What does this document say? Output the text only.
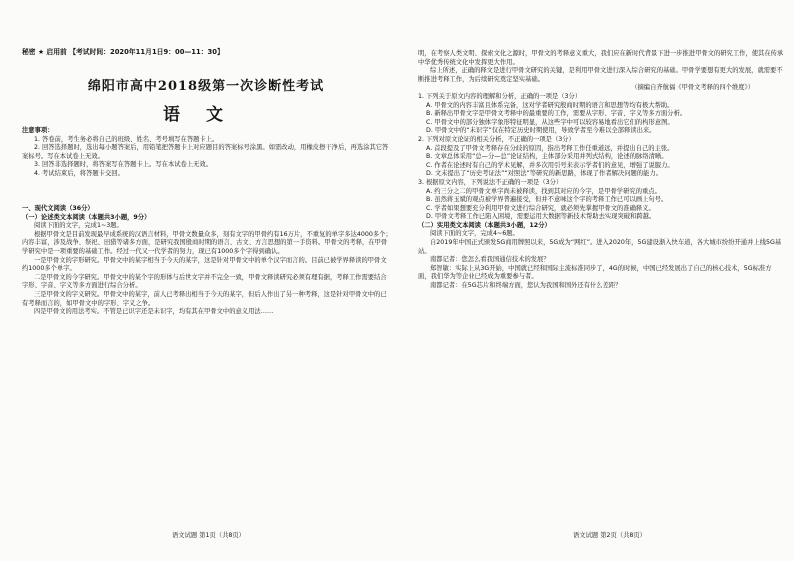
秘密 ★ 启用前 【考试时间：2020年11月1日9：00—11：30】
绵阳市高中2018级第一次诊断性考试
语文
注意事项：

1. 答卷前，考生务必将自己的班级、姓名、考号填写在答题卡上。

2. 回答选择题时，选出每小题答案后，用铅笔把答题卡上对应题目的答案标号涂黑。如需改动，用橡皮擦干净后，再选涂其它答案标号。写在本试卷上无效。

3. 回答非选择题时，将答案写在答题卡上。写在本试卷上无效。

4. 考试结束后，将答题卡交回。

一、现代文阅读（36分）
（一）论述类文本阅读（本题共3小题，9分）

阅读下面的文字，完成1~3题。

根据甲骨文是目前发现最早成系统的汉语言材料，甲骨文数量众多，刻有文字的甲骨约有16万片，不重复的单字多达4000多个；内容丰富，涉及战争、祭祀、田猎等诸多方面，是研究我国殷商时期的语言、古文、方言思想的第一手资料。甲骨文的考释，在甲骨学研究中是一项重要的基础工作。经过一代又一代学者的努力，现已有1000多个字得到确认。

一是甲骨文的字形研究。甲骨文中的某字相当于今天的某字，这是针对甲骨文中的单个汉字而言的。目前已被学界释读的甲骨文约1000多个单字。

二是甲骨文的今字研究。甲骨文中的某个字的形体与后世文字并不完全一致，甲骨文释读研究必须有理有据，考释工作需要结合字形、字音、字义等多方面进行综合分析。

三是甲骨文的字义研究。甲骨文中的某字，前人已考释出相当于今天的某字，但后人作出了另一种考释，这是针对甲骨文中的已有考释而言的，如甲骨文中的字形、字义之争。

四是甲骨文的用法考实。不管是已识字还是未识字，均有其在甲骨文中的意义用法……

语文试题 第1页（共8页）

明，在考察人类文明、探索文化之源时，甲骨文的考释意义重大，我们应在新时代背景下进一步推进甲骨文的研究工作，使其在传承中华优秀传统文化中发挥更大作用。

综上所述，正确的释文是进行甲骨文研究的关键，是利用甲骨文进行深入综合研究的基础。甲骨学要想有更大的发展，就需要不断推进考释工作，为后续研究奠定坚实基础。

（摘编自齐航福《甲骨文考释的四个维度》）

1. 下列关于原文内容的理解和分析，正确的一项是（3分）

A. 甲骨文的内容丰富且体系完备，这对学者研究殷商时期的语言和思想等均有极大帮助。

B. 新释出甲骨文字是甲骨文考释中的最重要的工作，需要从字形、字音、字义等多方面分析。

C. 甲骨文中的部分独体字象形特征明显，从这些字中可以较容易地看出它们的构形意图。

D. 甲骨文中的“未识字”仅在特定历史时期使用，导致学者至今难以全部释读出来。

2. 下列对原文论证的相关分析，不正确的一项是（3分）

A. 首段提及了甲骨文考释存在分歧的原因，指出考释工作任重道远，并提出自己的主张。

B. 文章总体采用“总—分—总”论证结构，主体部分采用并列式结构，论述的脉络清晰。

C. 作者在论述时有自己的学术见解，并多次用引号来表示学者们的意见，增强了说服力。

D. 文末提出了“历史考证法”“对照法”等研究的新思路，体现了作者解决问题的能力。

3. 根据原文内容，下列说法不正确的一项是（3分）

A. 约三分之二的甲骨文单字尚未被释读，找到其对应的今字，是甲骨学研究的重点。

B. 虽然蒋玉斌的观点被学界普遍接受，但并不意味这个字的考释工作已可以画上句号。

C. 学者如果想要充分利用甲骨文进行综合研究，就必须先掌握甲骨文的准确释义。

D. 甲骨文考释工作已陷入困境，需要运用大数据等新技术帮助去实现突破和跨越。

（二）实用类文本阅读（本题共3小题，12分）

阅读下面的文字，完成4~6题。

自2019年中国正式颁发5G商用牌照以来，5G成为“网红”。进入2020年，5G建设渐入快车道，各大城市纷纷开通并上线5G基站。

南都记者：您怎么看我国通信技术的发展？

郑智敏：实际上从3G开始，中国就已经和国际主流标准同步了，4G的时候，中国已经发展出了自己的核心技术，5G标准方面，我们华为等企业已经成为重要参与者。

南都记者：在5G芯片和终端方面，您认为我国和国外还有什么差距？

语文试题 第2页（共8页）
